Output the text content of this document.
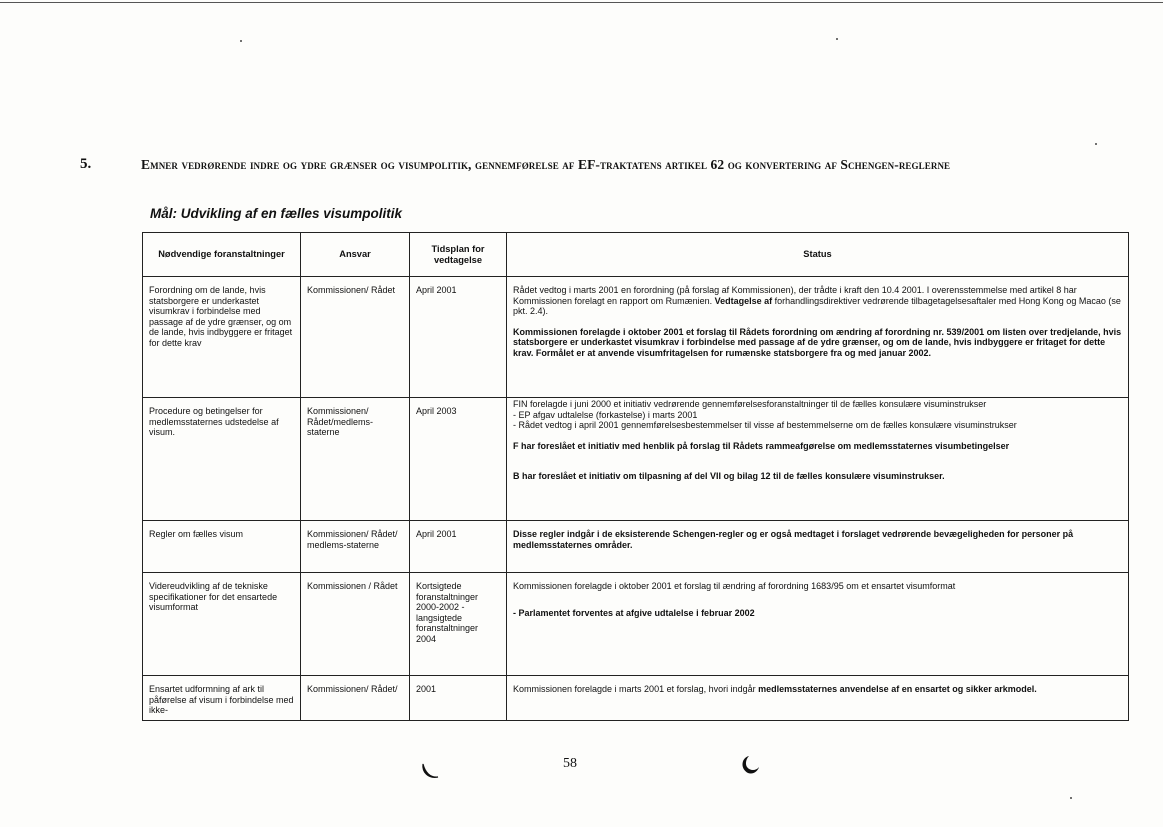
5.	Emner vedrørende indre og ydre grænser og visumpolitik, gennemførelse af EF-traktatens artikel 62 og konvertering af Schengen-reglerne
Mål: Udvikling af en fælles visumpolitik
Nødvendige foranstaltninger	Ansvar	Tidsplan for vedtagelse	Status
Forordning om de lande, hvis statsborgere er underkastet visumkrav i forbindelse med passage af de ydre grænser, og om de lande, hvis indbyggere er fritaget for dette krav	Kommissionen/ Rådet	April 2001	Rådet vedtog i marts 2001 en forordning (på forslag af Kommissionen), der trådte i kraft den 10.4 2001. I overensstemmelse med artikel 8 har Kommissionen forelagt en rapport om Rumænien. Vedtagelse af forhandlingsdirektiver vedrørende tilbagetagelsesaftaler med Hong Kong og Macao (se pkt. 2.4).

Kommissionen forelagde i oktober 2001 et forslag til Rådets forordning om ændring af forordning nr. 539/2001 om listen over tredjelande, hvis statsborgere er underkastet visumkrav i forbindelse med passage af de ydre grænser, og om de lande, hvis indbyggere er fritaget for dette krav. Formålet er at anvende visumfritagelsen for rumænske statsborgere fra og med januar 2002.

Procedure og betingelser for medlemsstaternes udstedelse af visum.	Kommissionen/ Rådet/medlems-staterne	April 2003	FIN forelagde i juni 2000 et initiativ vedrørende gennemførelsesforanstaltninger til de fælles konsulære visuminstrukser
- EP afgav udtalelse (forkastelse) i marts 2001
- Rådet vedtog i april 2001 gennemførelsesbestemmelser til visse af bestemmelserne om de fælles konsulære visuminstrukser
F har foreslået et initiativ med henblik på forslag til Rådets rammeafgørelse om medlemsstaternes visumbetingelser
B har foreslået et initiativ om tilpasning af del VII og bilag 12 til de fælles konsulære visuminstrukser.

Regler om fælles visum	Kommissionen/ Rådet/ medlems-staterne	April 2001	Disse regler indgår i de eksisterende Schengen-regler og er også medtaget i forslaget vedrørende bevægeligheden for personer på medlemsstaternes områder.
Videreudvikling af de tekniske specifikationer for det ensartede visumformat	Kommissionen / Rådet	Kortsigtede foranstaltninger 2000-2002 - langsigtede foranstaltninger 2004	Kommissionen forelagde i oktober 2001 et forslag til ændring af forordning 1683/95 om et ensartet visumformat

- Parlamentet forventes at afgive udtalelse i februar 2002

Ensartet udformning af ark til påførelse af visum i forbindelse med ikke-	Kommissionen/ Rådet/	2001	Kommissionen forelagde i marts 2001 et forslag, hvori indgår medlemsstaternes anvendelse af en ensartet og sikker arkmodel.
58
